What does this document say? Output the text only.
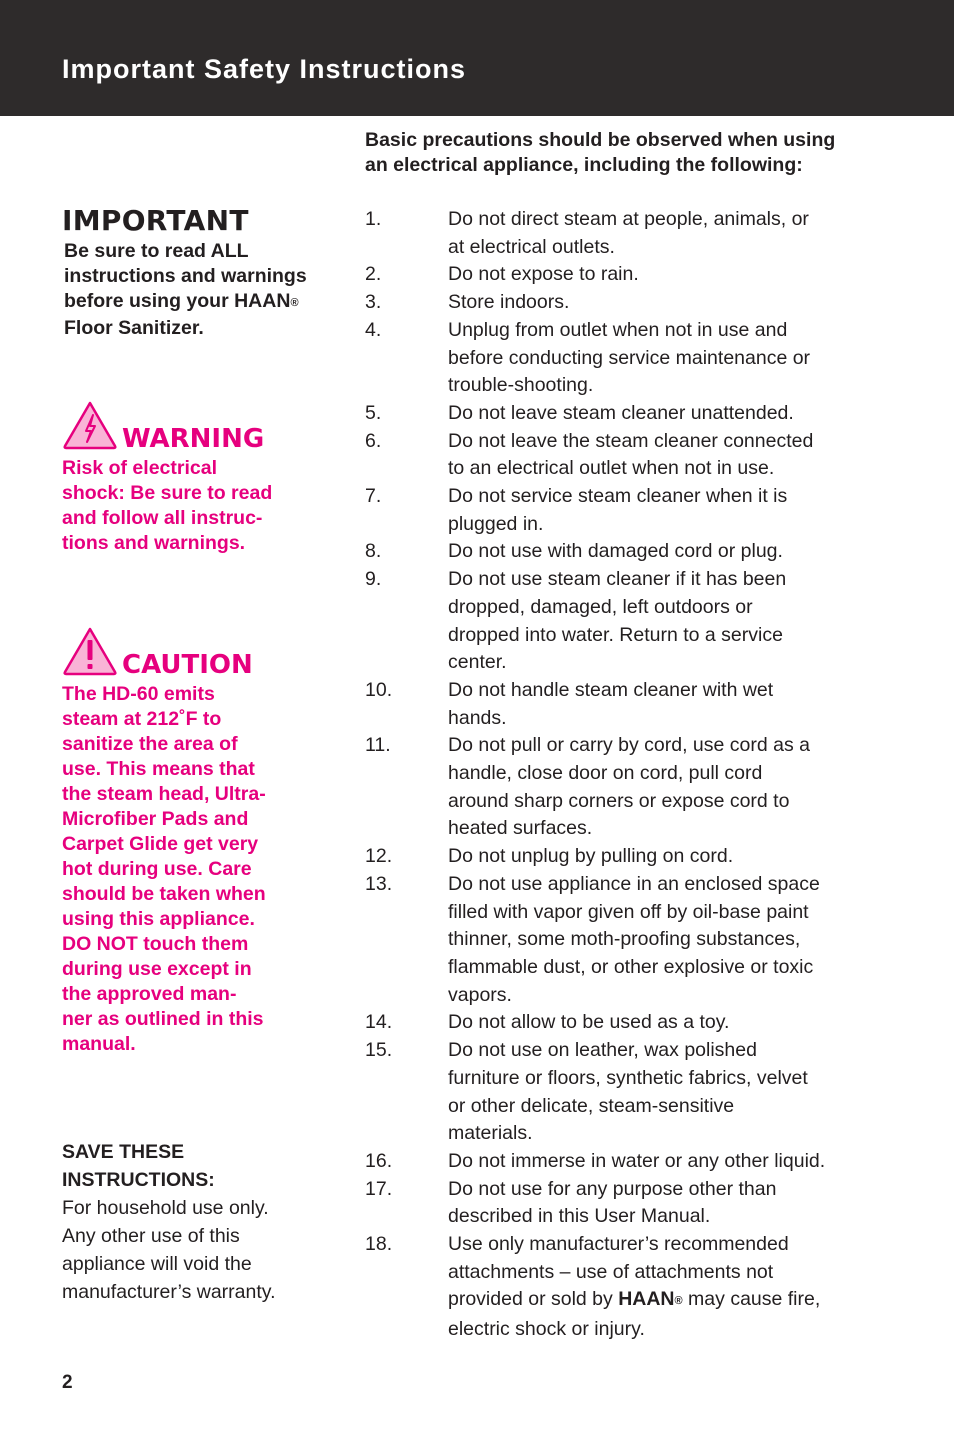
Important Safety Instructions
IMPORTANT
Be sure to read ALL instructions and warnings before using your HAAN® Floor Sanitizer.
WARNING
Risk of electrical
shock: Be sure to read
and follow all instruc-
tions and warnings.
CAUTION
The HD-60 emits
steam at 212˚F to
sanitize the area of
use. This means that
the steam head, Ultra-
Microfiber Pads and
Carpet Glide get very
hot during use. Care
should be taken when
using this appliance.
DO NOT touch them
during use except in
the approved man-
ner as outlined in this
manual.
SAVE THESE
INSTRUCTIONS:
For household use only.
Any other use of this
appliance will void the
manufacturer’s warranty.
Basic precautions should be observed when using
an electrical appliance, including the following:
1.	Do not direct steam at people, animals, or
at electrical outlets.
2.	Do not expose to rain.
3.	Store indoors.
4.	Unplug from outlet when not in use and
before conducting service maintenance or
trouble-shooting.
5.	Do not leave steam cleaner unattended.
6.	Do not leave the steam cleaner connected
to an electrical outlet when not in use.
7.	Do not service steam cleaner when it is
plugged in.
8.	Do not use with damaged cord or plug.
9.	Do not use steam cleaner if it has been
dropped, damaged, left outdoors or
dropped into water. Return to a service
center.
10.	Do not handle steam cleaner with wet
hands.
11.	Do not pull or carry by cord, use cord as a
handle, close door on cord, pull cord
around sharp corners or expose cord to
heated surfaces.
12.	Do not unplug by pulling on cord.
13.	Do not use appliance in an enclosed space
filled with vapor given off by oil-base paint
thinner, some moth-proofing substances,
flammable dust, or other explosive or toxic
vapors.
14.	Do not allow to be used as a toy.
15.	Do not use on leather, wax polished
furniture or floors, synthetic fabrics, velvet
or other delicate, steam-sensitive
materials.
16.	Do not immerse in water or any other liquid.
17.	Do not use for any purpose other than
described in this User Manual.
18.	Use only manufacturer’s recommended
attachments – use of attachments not
provided or sold by HAAN® may cause fire,
electric shock or injury.
2
